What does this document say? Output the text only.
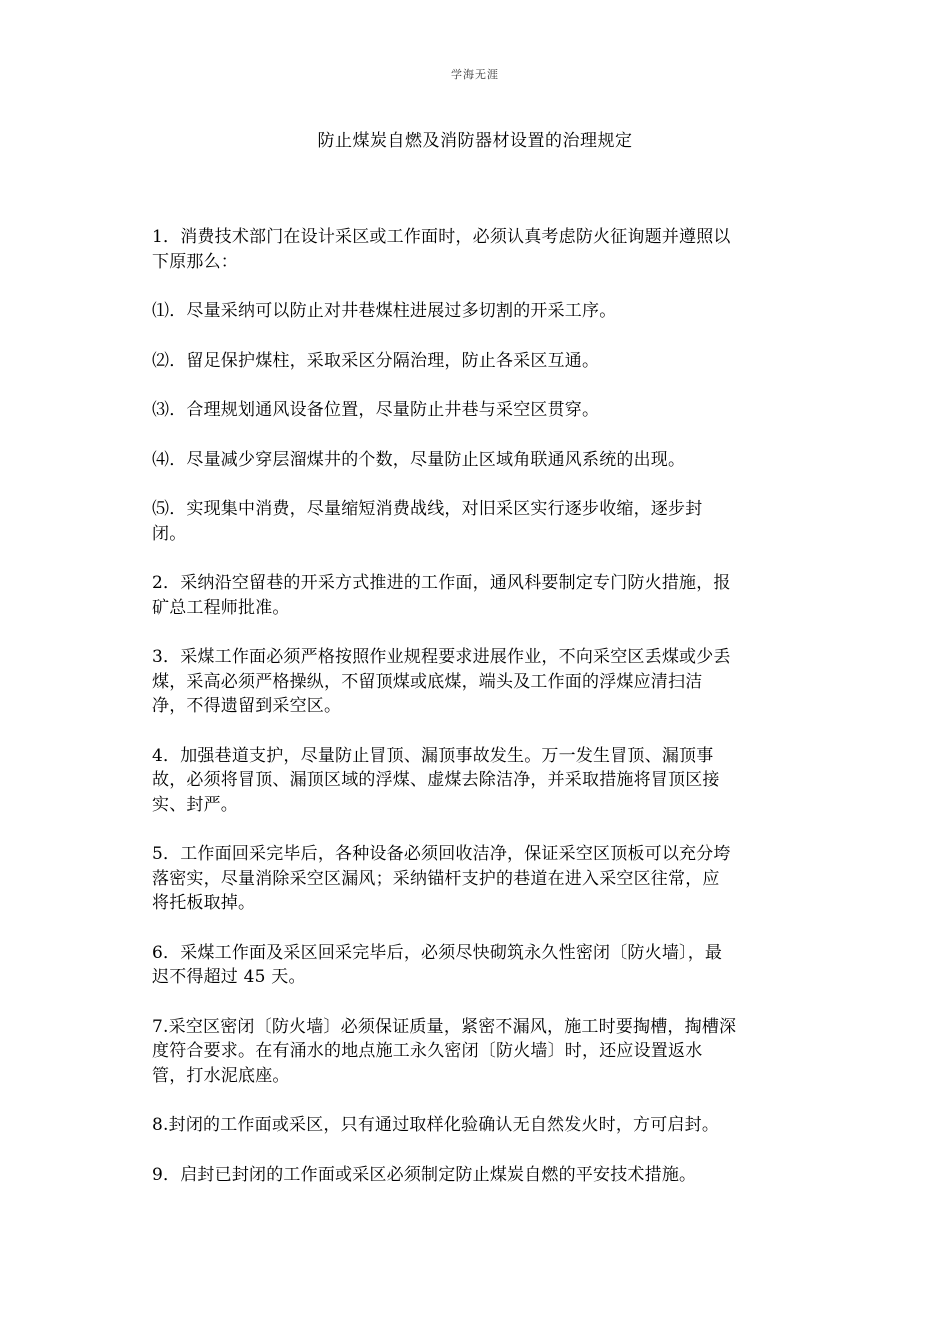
学海无涯
防止煤炭自燃及消防器材设置的治理规定

1．消费技术部门在设计采区或工作面时，必须认真考虑防火征询题并遵照以
下原那么：

⑴．尽量采纳可以防止对井巷煤柱进展过多切割的开采工序。

⑵．留足保护煤柱，采取采区分隔治理，防止各采区互通。

⑶．合理规划通风设备位置，尽量防止井巷与采空区贯穿。

⑷．尽量减少穿层溜煤井的个数，尽量防止区域角联通风系统的出现。

⑸．实现集中消费，尽量缩短消费战线，对旧采区实行逐步收缩，逐步封
闭。

2．采纳沿空留巷的开采方式推进的工作面，通风科要制定专门防火措施，报
矿总工程师批准。

3．采煤工作面必须严格按照作业规程要求进展作业，不向采空区丢煤或少丢
煤，采高必须严格操纵，不留顶煤或底煤，端头及工作面的浮煤应清扫洁
净，不得遗留到采空区。

4．加强巷道支护，尽量防止冒顶、漏顶事故发生。万一发生冒顶、漏顶事
故，必须将冒顶、漏顶区域的浮煤、虚煤去除洁净，并采取措施将冒顶区接
实、封严。

5．工作面回采完毕后，各种设备必须回收洁净，保证采空区顶板可以充分垮
落密实，尽量消除采空区漏风；采纳锚杆支护的巷道在进入采空区往常，应
将托板取掉。

6．采煤工作面及采区回采完毕后，必须尽快砌筑永久性密闭〔防火墙〕，最
迟不得超过 45 天。

7.采空区密闭〔防火墙〕必须保证质量，紧密不漏风，施工时要掏槽，掏槽深
度符合要求。在有涌水的地点施工永久密闭〔防火墙〕时，还应设置返水
管，打水泥底座。

8.封闭的工作面或采区，只有通过取样化验确认无自然发火时，方可启封。

9．启封已封闭的工作面或采区必须制定防止煤炭自燃的平安技术措施。
